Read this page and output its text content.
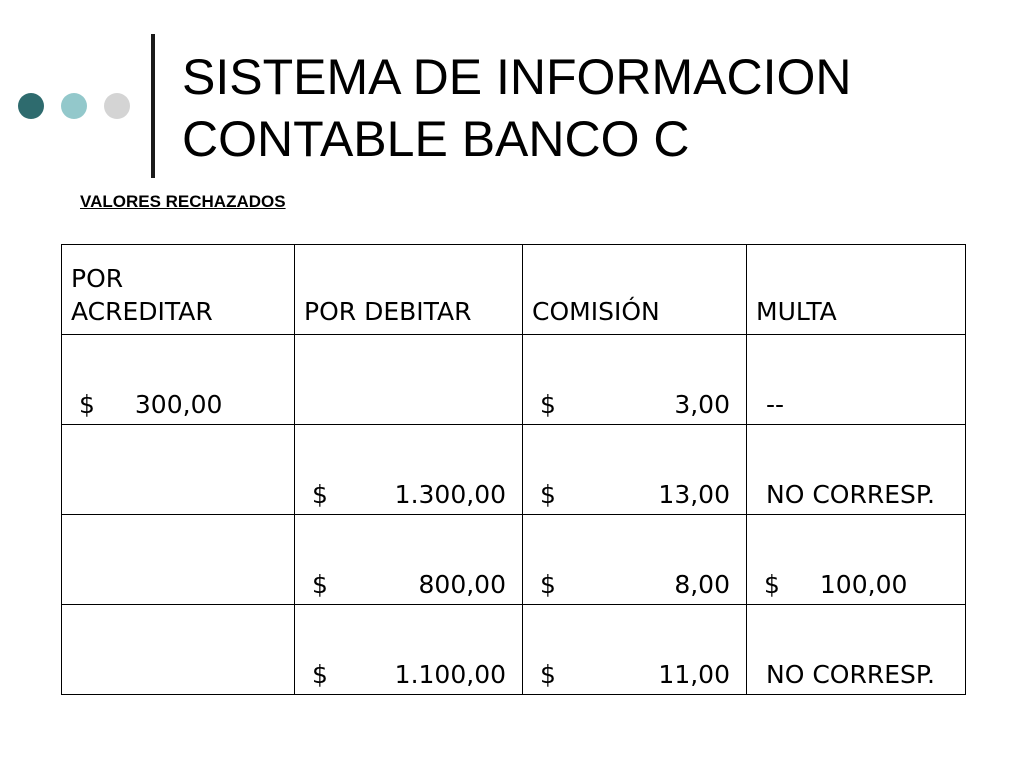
SISTEMA DE INFORMACION
CONTABLE BANCO C
VALORES RECHAZADOS
POR
ACREDITAR	POR DEBITAR	COMISIÓN	MULTA

$ 300,00		$ 3,00	--

	$ 1.300,00	$ 13,00	NO CORRESP.

	$ 800,00	$ 8,00	$ 100,00

	$ 1.100,00	$ 11,00	NO CORRESP.
